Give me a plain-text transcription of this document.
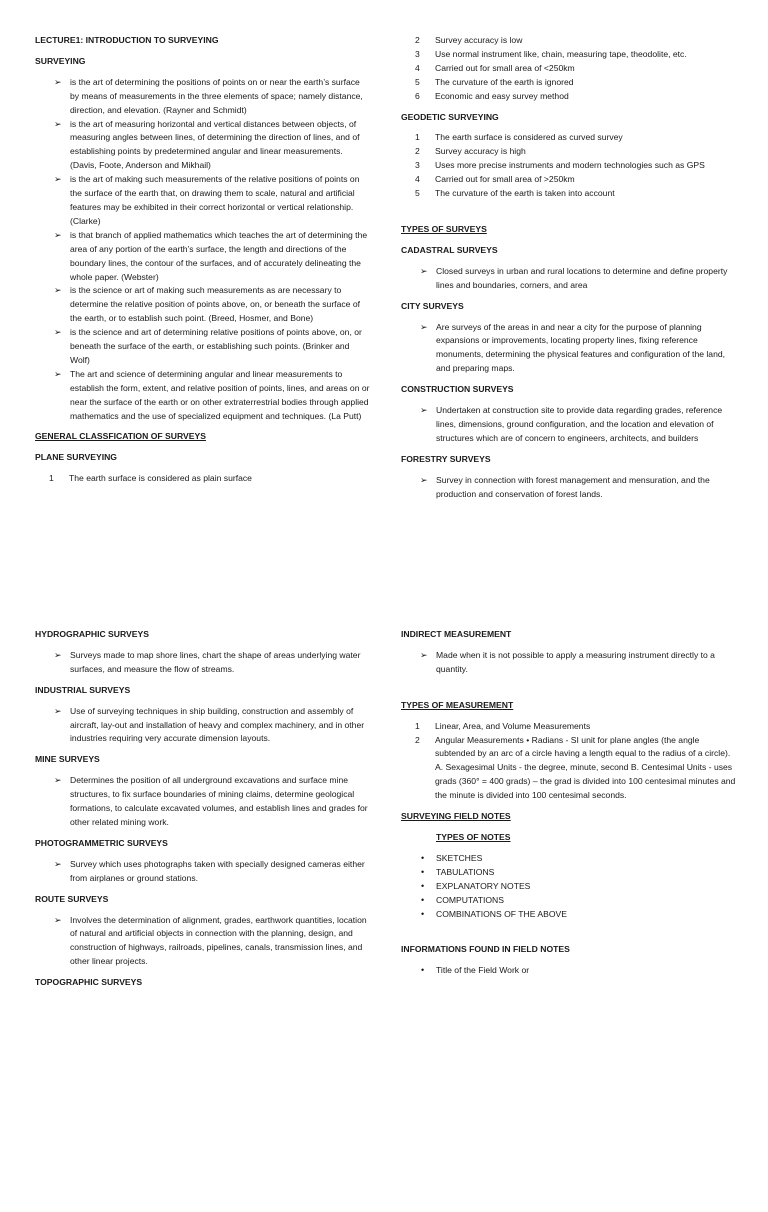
LECTURE1: INTRODUCTION TO SURVEYING
SURVEYING
➢ is the art of determining the positions of points on or near the earth’s surface by means of measurements in the three elements of space; namely distance, direction, and elevation. (Rayner and Schmidt)
➢ is the art of measuring horizontal and vertical distances between objects, of measuring angles between lines, of determining the direction of lines, and of establishing points by predetermined angular and linear measurements. (Davis, Foote, Anderson and Mikhail)
➢ is the art of making such measurements of the relative positions of points on the surface of the earth that, on drawing them to scale, natural and artificial features may be exhibited in their correct horizontal or vertical relationship. (Clarke)
➢ is that branch of applied mathematics which teaches the art of determining the area of any portion of the earth’s surface, the length and directions of the boundary lines, the contour of the surfaces, and of accurately delineating the whole paper. (Webster)
➢ is the science or art of making such measurements as are necessary to determine the relative position of points above, on, or beneath the surface of the earth, or to establish such point. (Breed, Hosmer, and Bone)
➢ is the science and art of determining relative positions of points above, on, or beneath the surface of the earth, or establishing such points. (Brinker and Wolf)
➢ The art and science of determining angular and linear measurements to establish the form, extent, and relative position of points, lines, and areas on or near the surface of the earth or on other extraterrestrial bodies through applied mathematics and the use of specialized equipment and techniques. (La Putt)
GENERAL CLASSFICATION OF SURVEYS
PLANE SURVEYING
1 The earth surface is considered as plain surface
2 Survey accuracy is low
3 Use normal instrument like, chain, measuring tape, theodolite, etc.
4 Carried out for small area of <250km
5 The curvature of the earth is ignored
6 Economic and easy survey method
GEODETIC SURVEYING
1 The earth surface is considered as curved survey
2 Survey accuracy is high
3 Uses more precise instruments and modern technologies such as GPS
4 Carried out for small area of >250km
5 The curvature of the earth is taken into account
TYPES OF SURVEYS
CADASTRAL SURVEYS
➢ Closed surveys in urban and rural locations to determine and define property lines and boundaries, corners, and area
CITY SURVEYS
➢ Are surveys of the areas in and near a city for the purpose of planning expansions or improvements, locating property lines, fixing reference monuments, determining the physical features and configuration of the land, and preparing maps.
CONSTRUCTION SURVEYS
➢ Undertaken at construction site to provide data regarding grades, reference lines, dimensions, ground configuration, and the location and elevation of structures which are of concern to engineers, architects, and builders
FORESTRY SURVEYS
➢ Survey in connection with forest management and mensuration, and the production and conservation of forest lands.
HYDROGRAPHIC SURVEYS
➢ Surveys made to map shore lines, chart the shape of areas underlying water surfaces, and measure the flow of streams.
INDUSTRIAL SURVEYS
➢ Use of surveying techniques in ship building, construction and assembly of aircraft, lay-out and installation of heavy and complex machinery, and in other industries requiring very accurate dimension layouts.
MINE SURVEYS
➢ Determines the position of all underground excavations and surface mine structures, to fix surface boundaries of mining claims, determine geological formations, to calculate excavated volumes, and establish lines and grades for other related mining work.
PHOTOGRAMMETRIC SURVEYS
➢ Survey which uses photographs taken with specially designed cameras either from airplanes or ground stations.
ROUTE SURVEYS
➢ Involves the determination of alignment, grades, earthwork quantities, location of natural and artificial objects in connection with the planning, design, and construction of highways, railroads, pipelines, canals, transmission lines, and other linear projects.
TOPOGRAPHIC SURVEYS
INDIRECT MEASUREMENT
➢ Made when it is not possible to apply a measuring instrument directly to a quantity.
TYPES OF MEASUREMENT
1 Linear, Area, and Volume Measurements
2 Angular Measurements • Radians - SI unit for plane angles (the angle subtended by an arc of a circle having a length equal to the radius of a circle). A. Sexagesimal Units - the degree, minute, second B. Centesimal Units - uses grads (360° = 400 grads) – the grad is divided into 100 centesimal minutes and the minute is divided into 100 centesimal seconds.
SURVEYING FIELD NOTES
TYPES OF NOTES
• SKETCHES
• TABULATIONS
• EXPLANATORY NOTES
• COMPUTATIONS
• COMBINATIONS OF THE ABOVE
INFORMATIONS FOUND IN FIELD NOTES
• Title of the Field Work or
